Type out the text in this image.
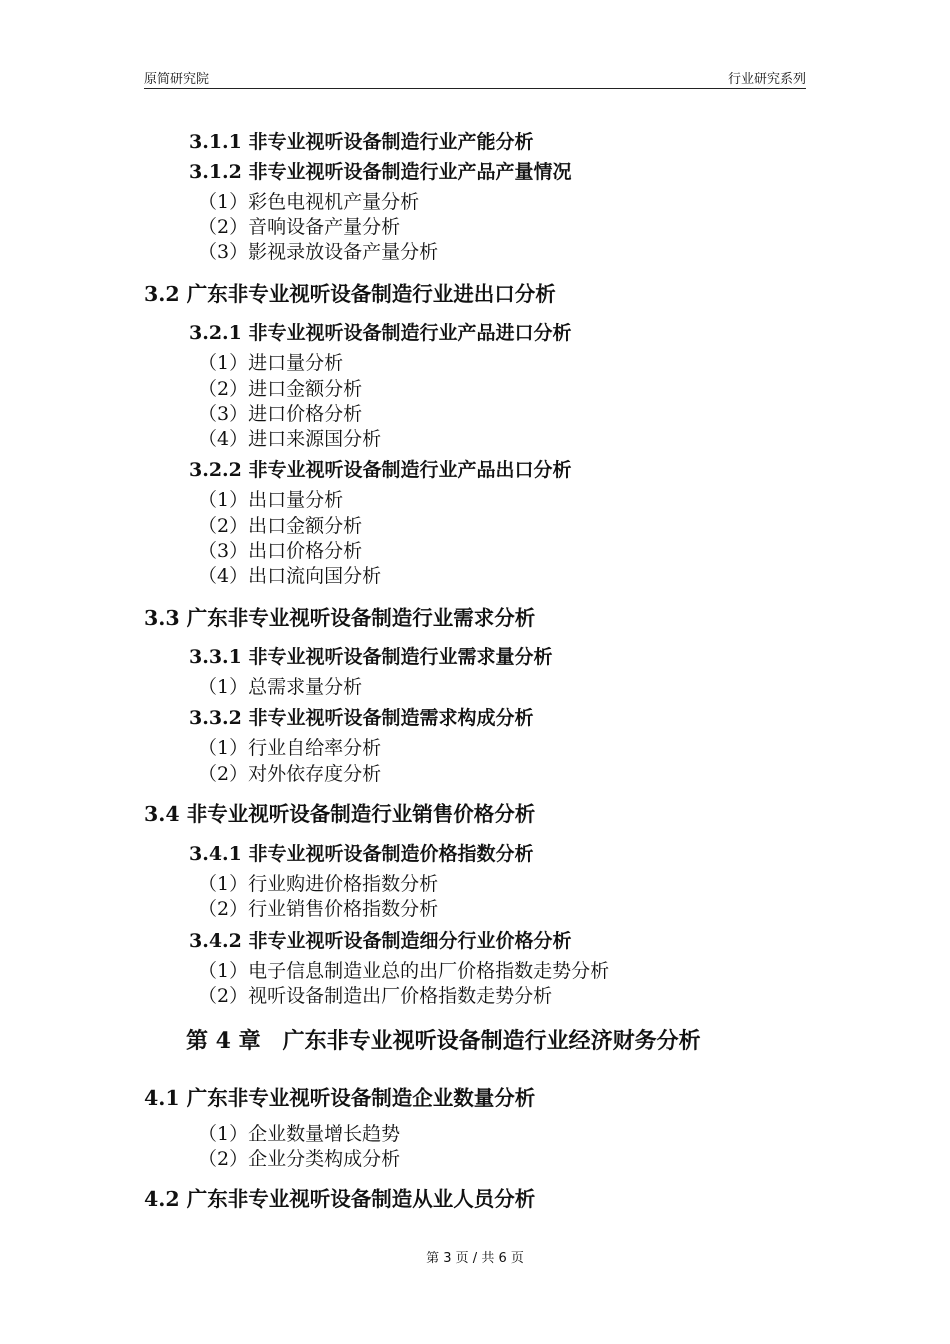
原简研究院	行业研究系列
3.1.1 非专业视听设备制造行业产能分析
3.1.2 非专业视听设备制造行业产品产量情况
（1）彩色电视机产量分析
（2）音响设备产量分析
（3）影视录放设备产量分析
3.2 广东非专业视听设备制造行业进出口分析
3.2.1 非专业视听设备制造行业产品进口分析
（1）进口量分析
（2）进口金额分析
（3）进口价格分析
（4）进口来源国分析
3.2.2 非专业视听设备制造行业产品出口分析
（1）出口量分析
（2）出口金额分析
（3）出口价格分析
（4）出口流向国分析
3.3 广东非专业视听设备制造行业需求分析
3.3.1 非专业视听设备制造行业需求量分析
（1）总需求量分析
3.3.2 非专业视听设备制造需求构成分析
（1）行业自给率分析
（2）对外依存度分析
3.4 非专业视听设备制造行业销售价格分析
3.4.1 非专业视听设备制造价格指数分析
（1）行业购进价格指数分析
（2）行业销售价格指数分析
3.4.2 非专业视听设备制造细分行业价格分析
（1）电子信息制造业总的出厂价格指数走势分析
（2）视听设备制造出厂价格指数走势分析
第 4 章　广东非专业视听设备制造行业经济财务分析
4.1 广东非专业视听设备制造企业数量分析
（1）企业数量增长趋势
（2）企业分类构成分析
4.2 广东非专业视听设备制造从业人员分析
第 3 页 / 共 6 页
